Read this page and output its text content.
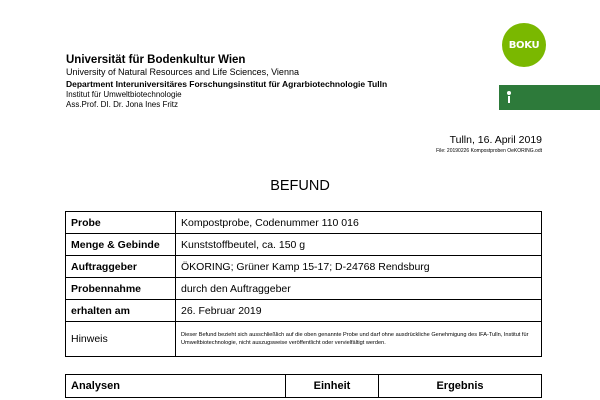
Universität für Bodenkultur Wien
University of Natural Resources and Life Sciences, Vienna
Department Interuniversitäres Forschungsinstitut für Agrarbiotechnologie Tulln
Institut für Umweltbiotechnologie
Ass.Prof. DI. Dr. Jona Ines Fritz
BOKU
Tulln, 16. April 2019
File: 20190226 Kompostproben OeKORING.odt
BEFUND
Probe	Kompostprobe, Codenummer 110 016
Menge & Gebinde	Kunststoffbeutel, ca. 150 g
Auftraggeber	ÖKORING; Grüner Kamp 15-17; D-24768 Rendsburg
Probennahme	durch den Auftraggeber
erhalten am	26. Februar 2019
Hinweis	Dieser Befund bezieht sich ausschließlich auf die oben genannte Probe und darf ohne ausdrückliche Genehmigung des IFA-Tulln, Institut für Umweltbiotechnologie, nicht auszugsweise veröffentlicht oder vervielfältigt werden.
Analysen	Einheit	Ergebnis
